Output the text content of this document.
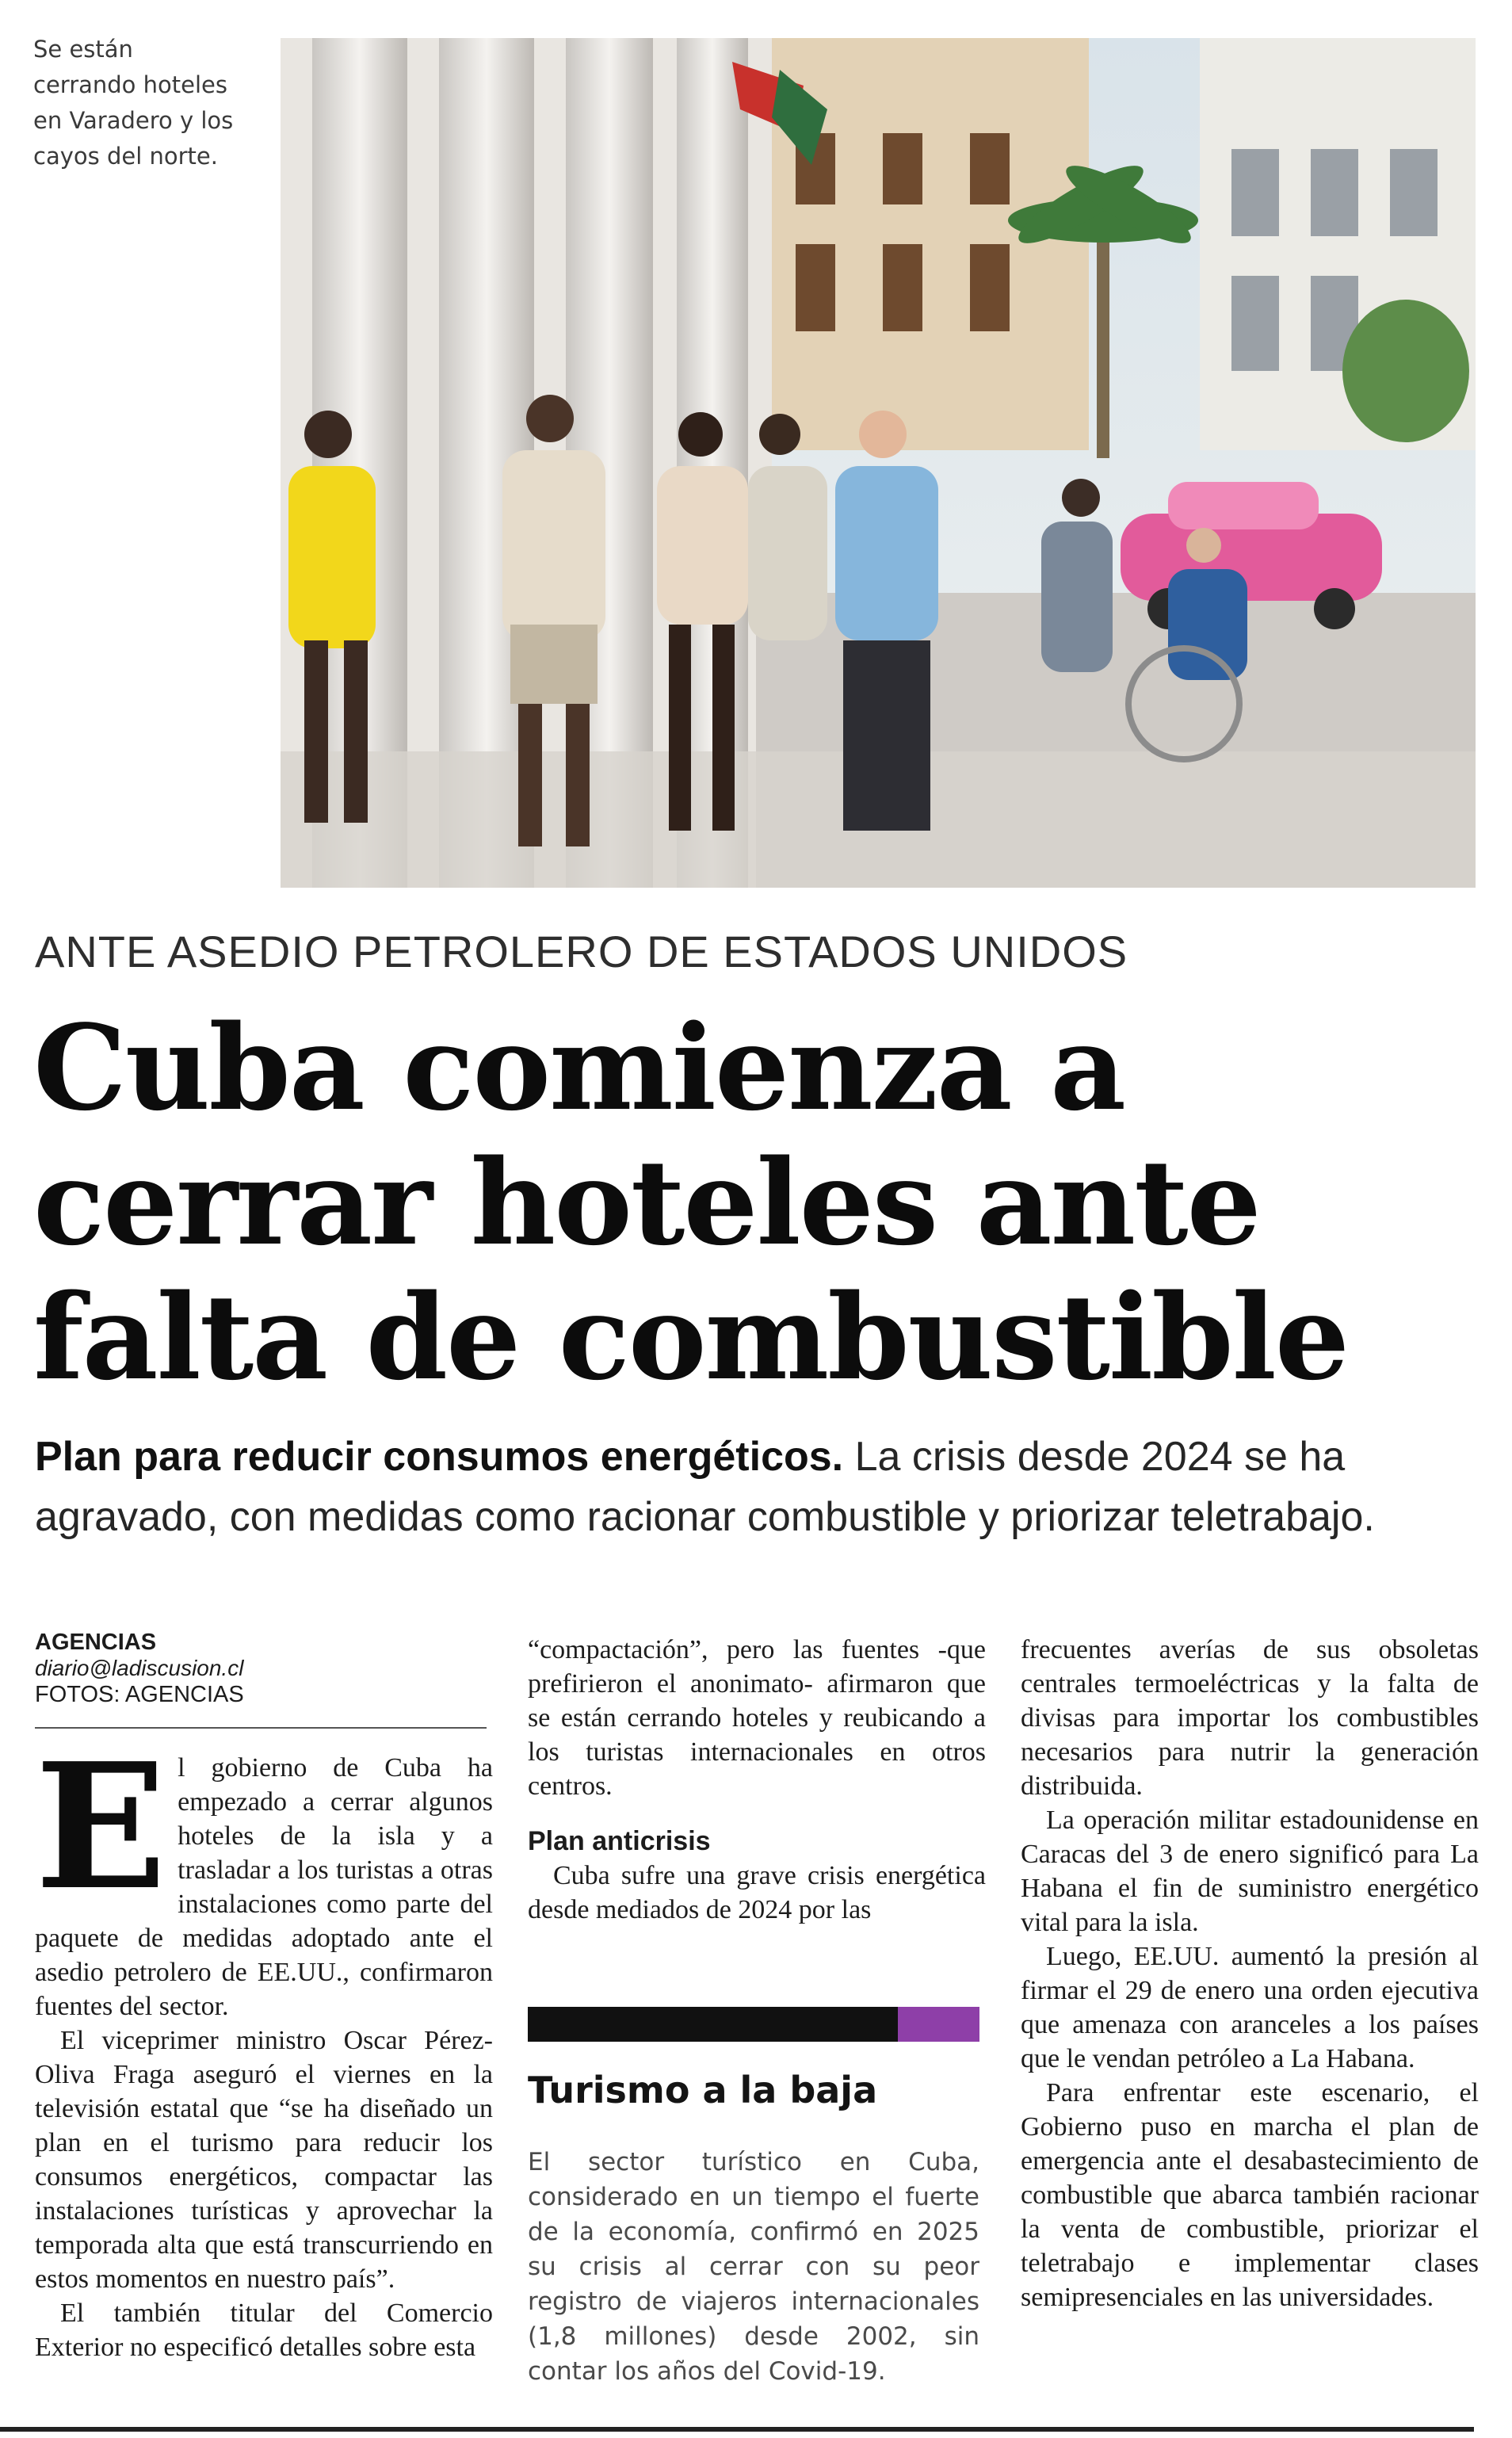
Se están
cerrando hoteles
en Varadero y los
cayos del norte.
ANTE ASEDIO PETROLERO DE ESTADOS UNIDOS
Cuba comienza a cerrar hoteles ante falta de combustible
Plan para reducir consumos energéticos. La crisis desde 2024 se ha agravado, con medidas como racionar combustible y priorizar teletrabajo.
AGENCIAS
diario@ladiscusion.cl
FOTOS: AGENCIAS

El gobierno de Cuba ha empezado a cerrar algunos hoteles de la isla y a trasladar a los turistas a otras instalaciones como parte del paquete de medidas adoptado ante el asedio petrolero de EE.UU., confirmaron fuentes del sector.

El viceprimer ministro Oscar Pérez-Oliva Fraga aseguró el viernes en la televisión estatal que “se ha diseñado un plan en el turismo para reducir los consumos energéticos, compactar las instalaciones turísticas y aprovechar la temporada alta que está transcurriendo en estos momentos en nuestro país”.

El también titular del Comercio Exterior no especificó detalles sobre esta

“compactación”, pero las fuentes -que prefirieron el anonimato- afirmaron que se están cerrando hoteles y reubicando a los turistas internacionales en otros centros.

Plan anticrisis

Cuba sufre una grave crisis energética desde mediados de 2024 por las

Turismo a la baja
El sector turístico en Cuba, considerado en un tiempo el fuerte de la economía, confirmó en 2025 su crisis al cerrar con su peor registro de viajeros internacionales (1,8 millones) desde 2002, sin contar los años del Covid-19.

frecuentes averías de sus obsoletas centrales termoeléctricas y la falta de divisas para importar los combustibles necesarios para nutrir la generación distribuida.

La operación militar estadounidense en Caracas del 3 de enero significó para La Habana el fin de suministro energético vital para la isla.

Luego, EE.UU. aumentó la presión al firmar el 29 de enero una orden ejecutiva que amenaza con aranceles a los países que le vendan petróleo a La Habana.

Para enfrentar este escenario, el Gobierno puso en marcha el plan de emergencia ante el desabastecimiento de combustible que abarca también racionar la venta de combustible, priorizar el teletrabajo e implementar clases semipresenciales en las universidades.
